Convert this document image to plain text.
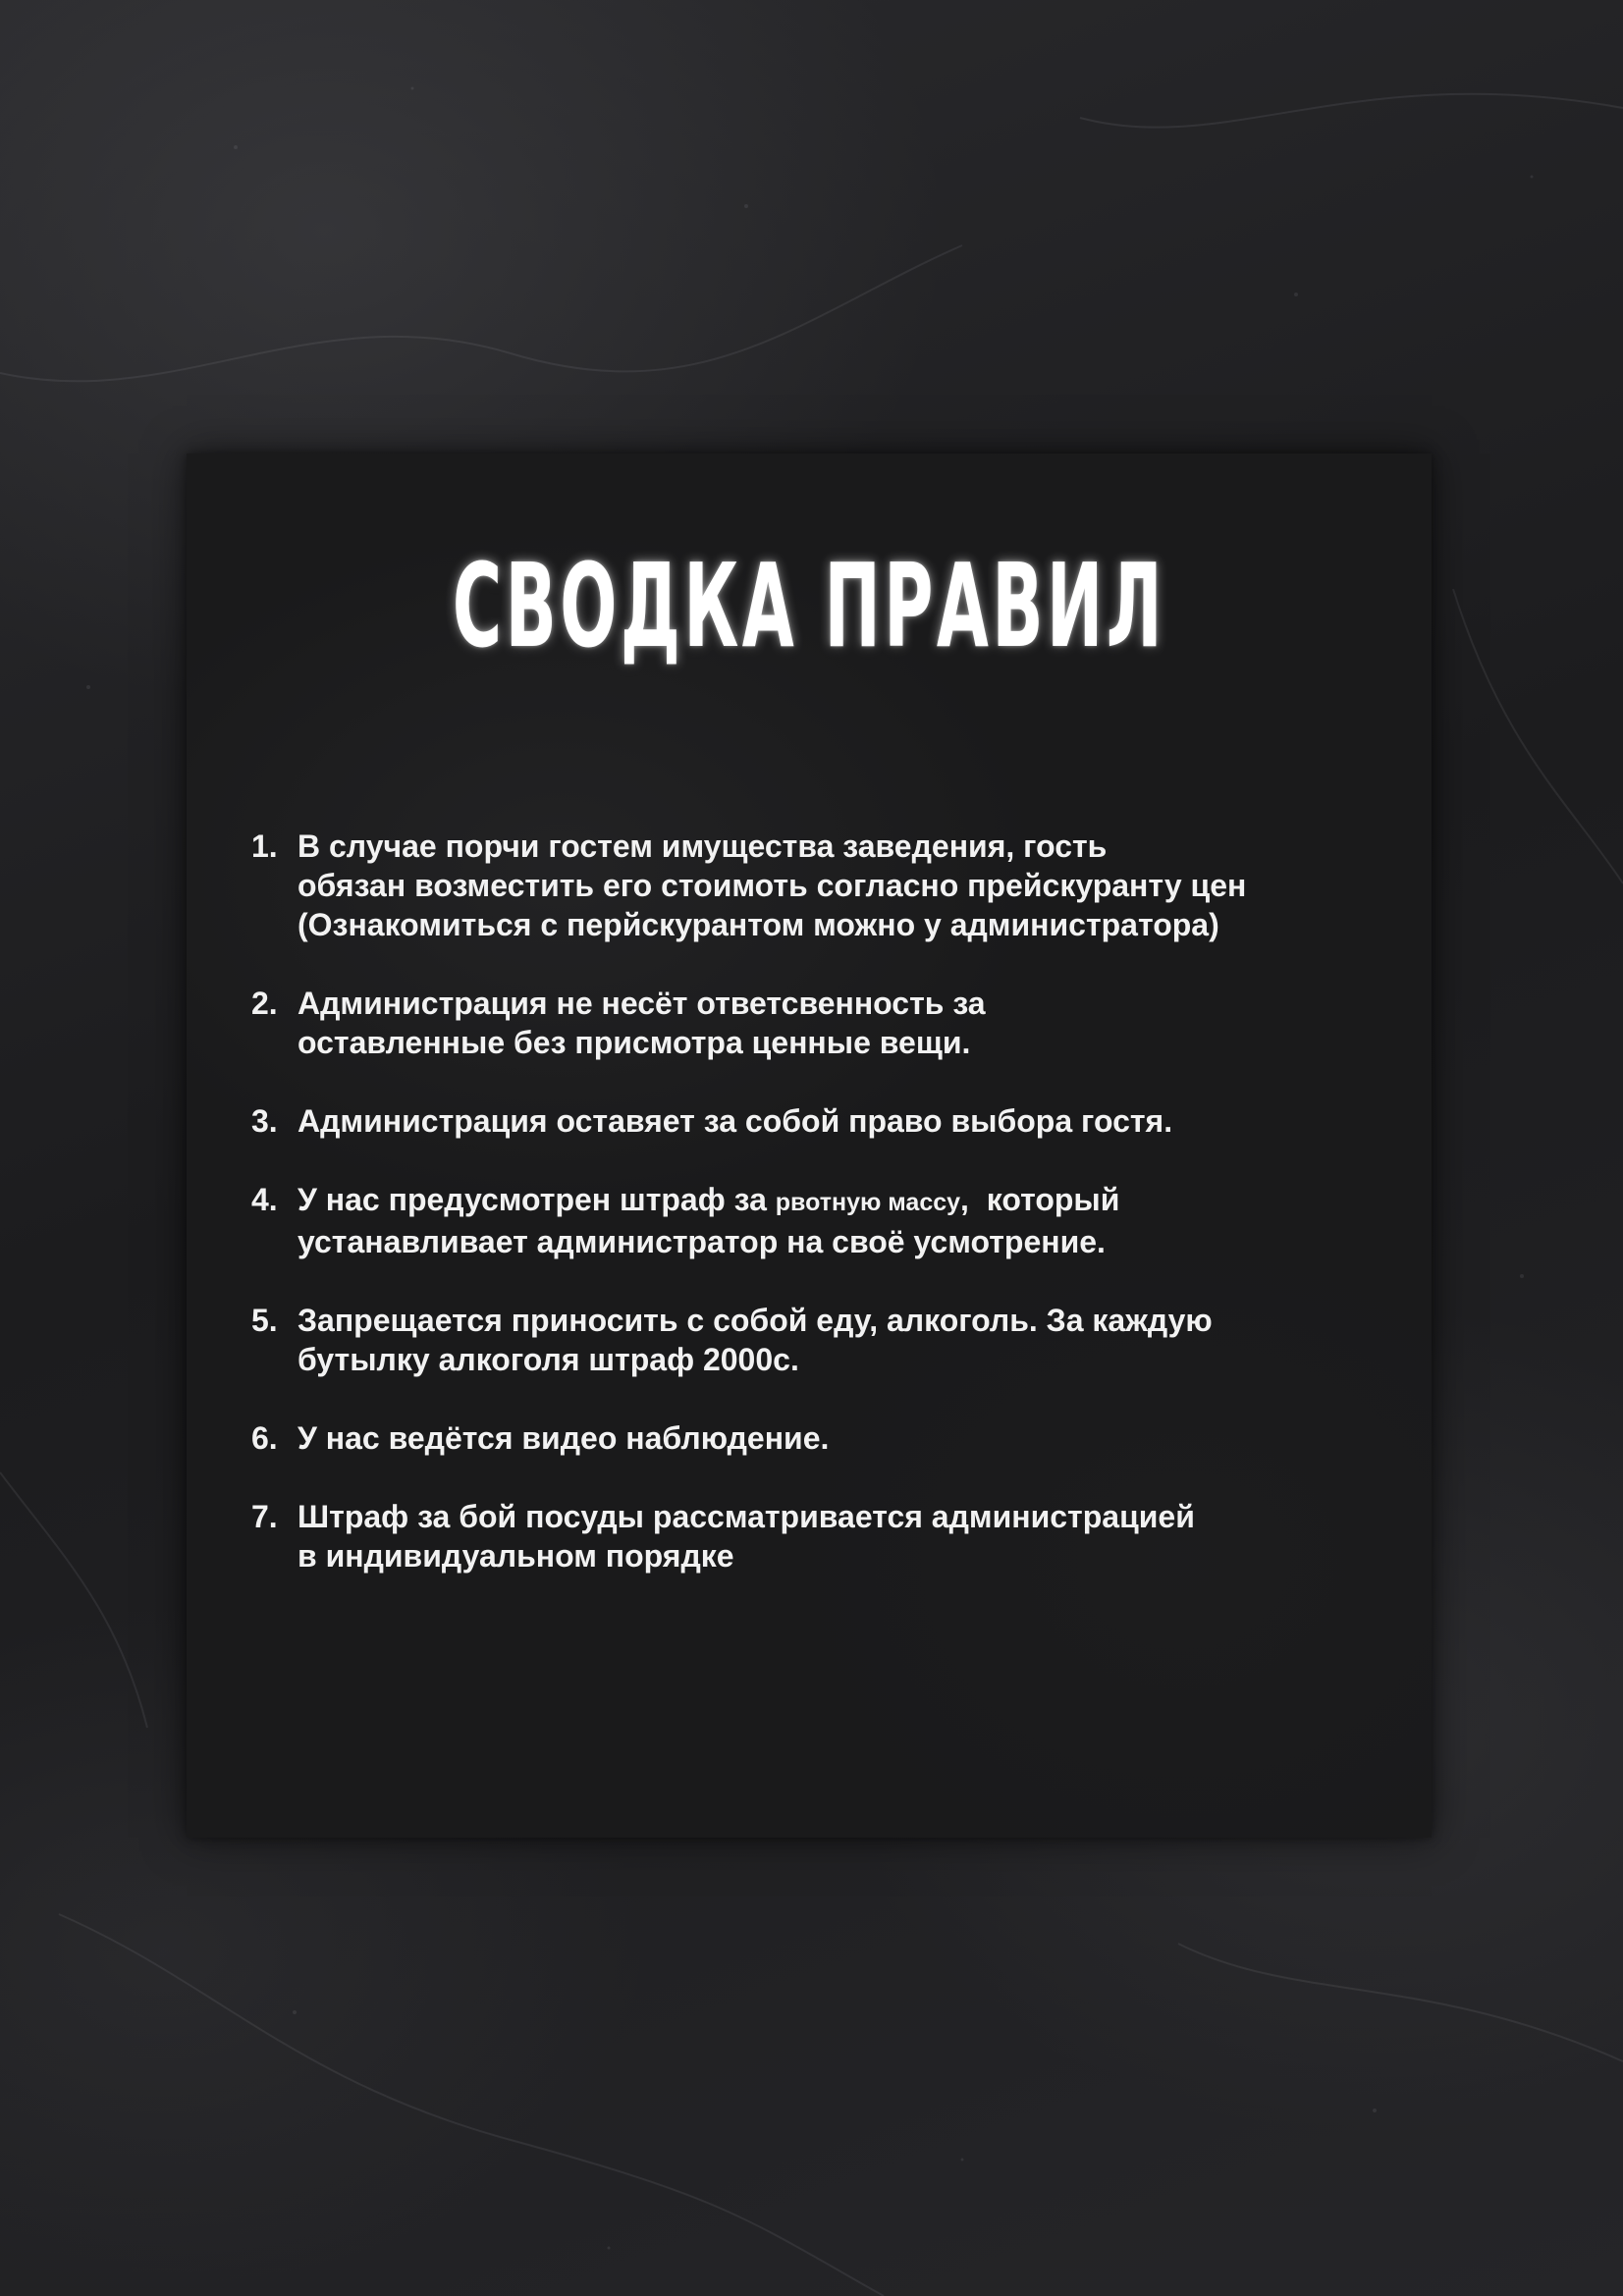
СВОДКА ПРАВИЛ
1. В случае порчи гостем имущества заведения, гость
обязан возместить его стоимоть согласно прейскуранту цен
(Ознакомиться с перйскурантом можно у администратора)
2. Администрация не несёт ответсвенность за
оставленные без присмотра ценные вещи.
3. Администрация оставяет за собой право выбора гостя.
4. У нас предусмотрен штраф за рвотную массу,  который
устанавливает администратор на своё усмотрение.
5. Запрещается приносить с собой еду, алкоголь. За каждую
бутылку алкоголя штраф 2000с.
6. У нас ведётся видео наблюдение.
7. Штраф за бой посуды рассматривается администрацией
в индивидуальном порядке
